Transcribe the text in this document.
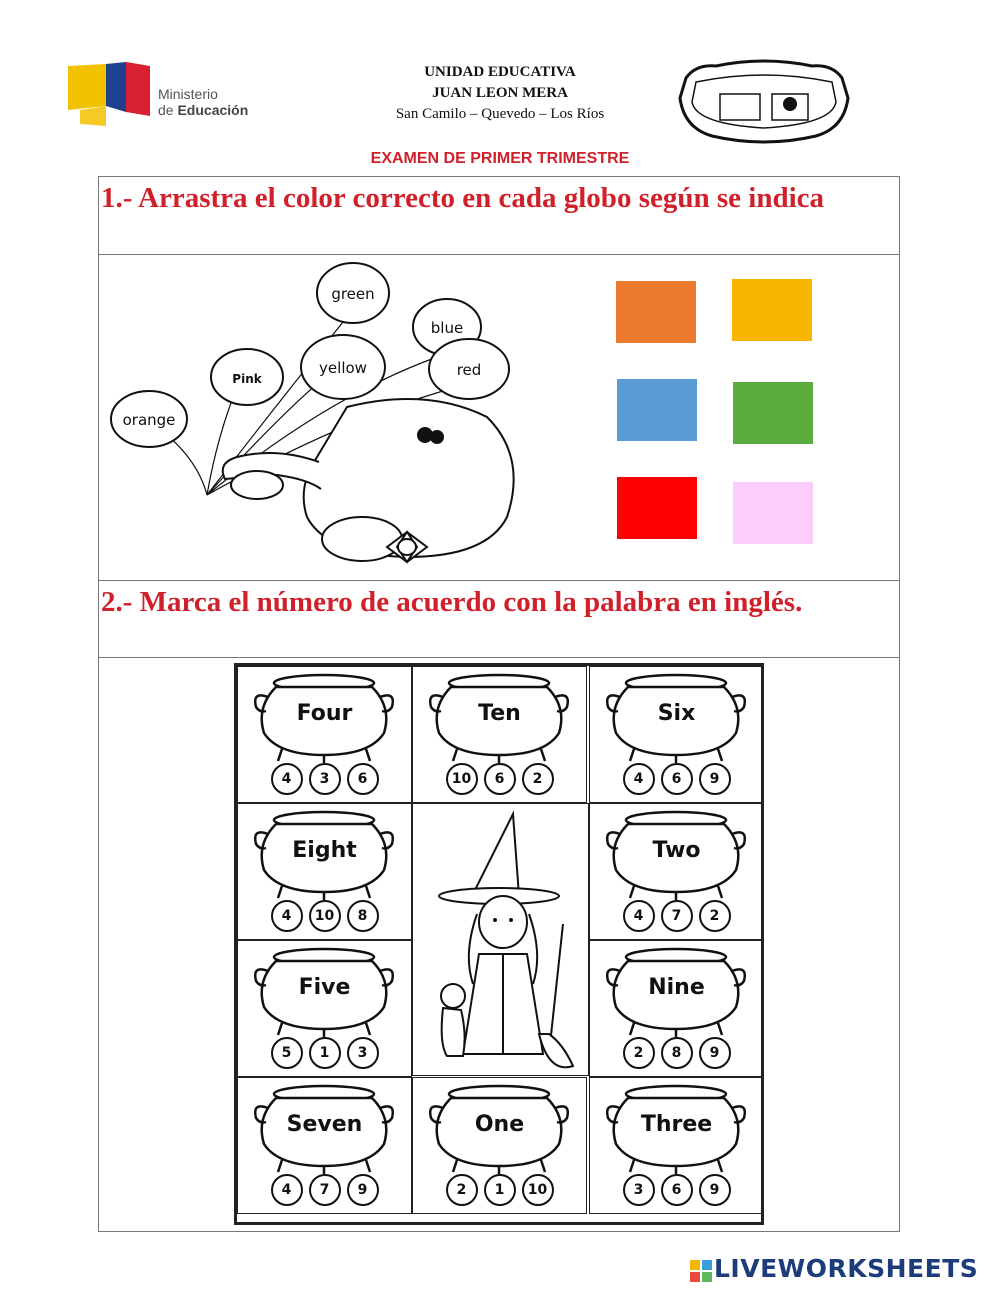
Ministerio
de Educación
UNIDAD EDUCATIVA
JUAN LEON MERA
San Camilo – Quevedo – Los Ríos
EXAMEN DE PRIMER TRIMESTRE
1.- Arrastra el color correcto en cada globo según se indica
green
blue
Pink
yellow	red
orange
2.- Marca el número de acuerdo con la palabra en inglés.
Four
4	3	6
Ten
10	6	2
Six
4	6	9
Eight
4	10	8
Two
4	7	2
Five
5	1	3
Nine
2	8	9
Seven
4	7	9
One
2	1	10
Three
3	6	9
LIVEWORKSHEETS
